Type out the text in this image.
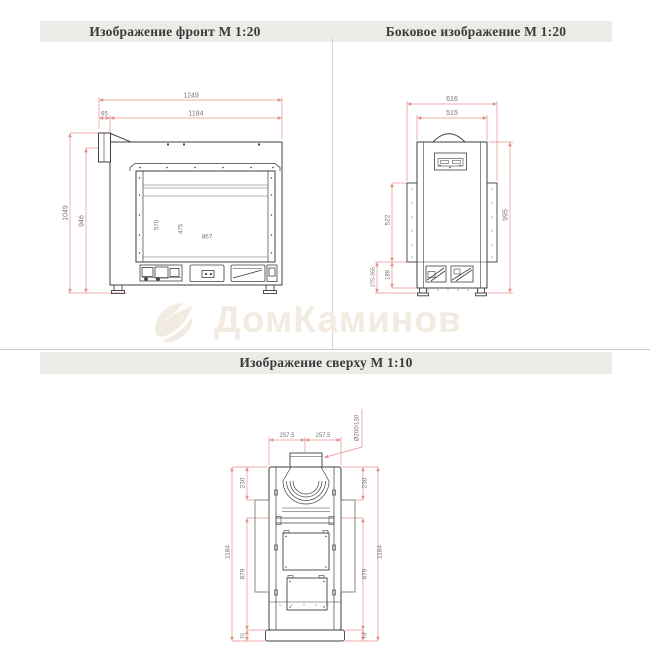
Изображение фронт М 1:20	Боковое изображение М 1:20
ДомКаминов
Изображение сверху М 1:10
1249
65	1184
1049
946	570	475
867
616
515
995
522
189
275-355
257.5	257.5	Ø200/130
230
1184
879
75
230
1184
879
75
